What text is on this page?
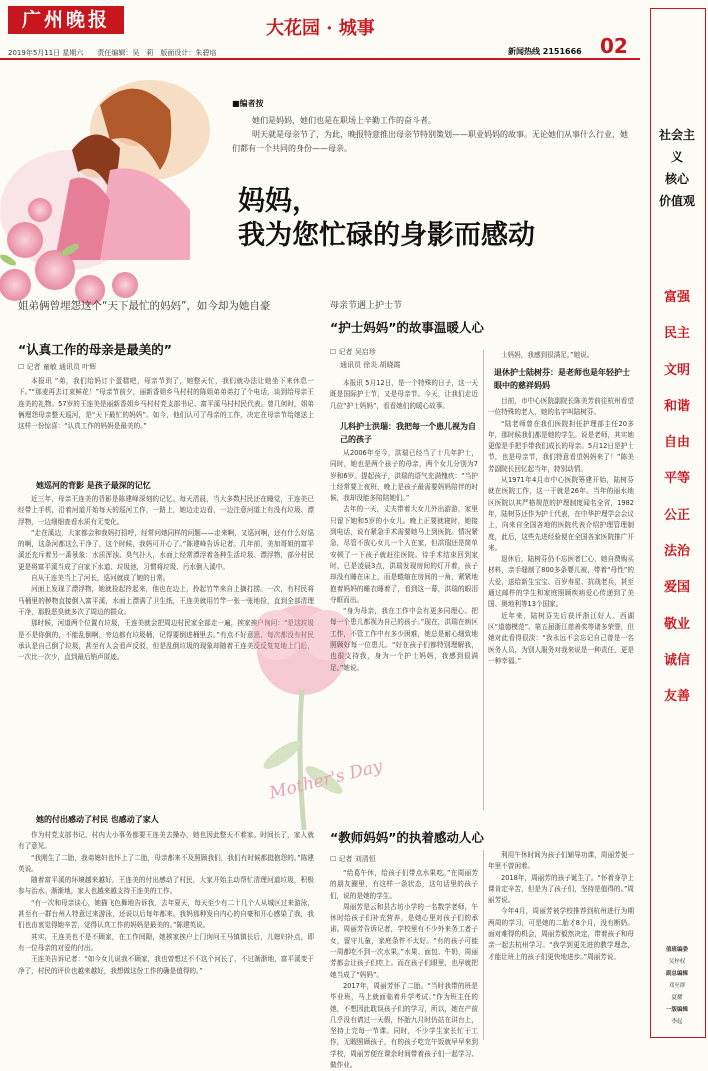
广州晚报
2019年5月11日 星期六　　 责任编辑：吴　莉　版面设计：朱碧培
大花园 · 城事
新闻热线 2151666 02
■编者按

她们是妈妈，她们也是在职场上辛勤工作的奋斗者。

明天就是母亲节了，为此，晚报特意推出母亲节特别策划——职业妈妈的故事。无论她们从事什么行业，她们都有一个共同的身份——母亲。

妈妈，
我为您忙碌的身影而感动
姐弟俩曾埋怨这个“天下最忙的妈妈”，如今却为她自豪
“认真工作的母亲是最美的”
☐ 记者 童敏 通讯员 叶辉

本报讯 “弟，我们给妈订个蛋糕吧，母亲节到了，她整天忙，我们就办法让她坐下来休息一下。”“那麦再去订束鲜花！”母亲节前夕，丽新香姐乡马村村的陈姐弟弟弟打了个电话，谈到给母亲王连美的礼物。57岁的王连美是丽新香姐乡马村村党支部书记、富平溪马村村民代表。曾几何时，姐弟俩埋怨母亲整天巡河，是“天下最忙的妈妈”。如今，他们认可了母亲的工作，决定在母亲节给她送上这样一份惊喜：“认真工作的妈妈是最美的。”

她巡河的背影 是孩子最深的记忆

近三年，母亲王连美的背影是陈建峰深刻的记忆。每天清晨，当大多数村民还在睡觉，王连美已经带上手机，沿着河道开始每天的巡河工作，一路上，她边走边看，一边注意河道上有没有垃圾、漂浮物，一边细细查看水质有无变化。

“走在溪边，大家都会和我妈打招呼，经常问她同样的问题——走来啊，又巡河啊，还有什么好巡的啊，这条河都这么干净了，这个时候，我妈可开心了。”陈建峰告诉记者。几年前，美加哥姐的富平溪还充斥着另一番景象：水质浑浊、臭气扑人，水面上经常漂浮着各种生活垃圾、漂浮物，部分村民更是将富平溪当成了自家下水道、垃圾池，习惯将垃圾、污水倒入溪中。

自从王连美当上了河长，巡河就成了她的日常。

河面上发现了漂浮物，她就捡起拎起来，他也在边上，拎起竹竿来自上摘打捞。一次，有村民将马桶里的秽物直接倒入富平溪，水面上漂满了卫生纸，王连美就用竹竿一张一张地捡，直到全部清理干净，那股恶臭就多次了周边的群众。

那时候，河道两个位置有垃圾，王连美就会把周边村民家全部走一遍，挨家挨户询问：“是这垃圾是不是你倒的，不能乱倒啊，旁边都有垃圾桶，记得要倒进桶里去。”有点不好意思，每次都没有村民承认是自己倒了垃圾，甚至有人会看声反驳，但是乱倒垃圾的现象却随着王连美反反复复地上门后，一次比一次少，直到最后销声匿迹。

她的付出感动了村民 也感动了家人

作为村党支部书记、村内大小事务都要王连美去操办，她也因此整天不着家。时间长了，家人就有了意见。

“我刚生了二胎，我弟媳妇也怀上了二胎，母亲都来不及照顾我们，我们有时候都挺抱怨的。”陈建英说。

随着富平溪的环境越来越好，王连美的付出感动了村民，大家开始主动帮忙清理河道垃圾，积极参与治水。渐渐地，家人也越来越支持王连美的工作。

“有一次和母亲谈心，她描飞色舞地告诉我，去年夏天，每天至少有二十几个人从城区过来游泳，甚至有一群台州人特意过来游泳，还说以后每年都来。我妈那种发自内心的自豪和开心感染了我，我们也由衷觉得她辛苦，觉得认真工作的妈妈是最美的。”陈建英说。

其实，王连美也不是不顾家，在工作间隙，她挨家挨户上门询问王马镇镇长后，儿媳妇补点，即有一位母亲的对爱的付出。

王连美告诉记者：“如今女儿说我不顾家，我也曾想过不不这个河长了，不过渐渐地，富平溪变干净了，村民的评价也越来越好，我想做这份工作的确是值得的。”

Mother's Day
母亲节遇上护士节
“护士妈妈”的故事温暖人心
☐ 记者 吴启珍
通讯员 徐炎 胡晓霞

本报讯 5月12日，是一个特殊的日子，这一天既是国际护士节，又是母亲节。今天，让我们走近几位“护士妈妈”，看看她们的暖心故事。

儿科护士洪瑞：我把每一个患儿视为自己的孩子

从2006年至今，洪瑞已经当了十几年护士，同时，她也是两个孩子的母亲，两个女儿分别为7岁和6岁。提起孩子，洪瑞的语气充满愧疚：“当护士经常要上夜班，晚上是孩子最需要妈妈陪伴的时候，我却没能多陪陪她们。”

去年的一天，丈夫带着大女儿外出游游，家里只留下她和5岁的小女儿。晚上正要就寝时，她接到电话，说有紧急手术需要她马上到医院。情况紧急，尽管不放心女儿一个人在家，但洪瑞还是简单安顿了一下孩子就赶往医院。待手术结束回到家时，已是凌晨3点，洪瑞发现房间的灯开着，孩子却没有睡在床上，而是蜷缩在房间的一角，紧紧地抱着妈妈的睡衣睡着了，看到这一幕，洪瑞的眼泪夺眶而出。

“身为母亲，我在工作中会有更多同理心。把每一个患儿都视为自己的孩子。”现在，洪瑞在病区工作，不管工作中有多少困难，她总是耐心细致地照顾好每一位患儿。“好在孩子们都特别理解我，也很支持我，身为一个护士妈妈，我感到很满足。”她说。

士妈妈，我感到很满足。”她说。

退休护士陆树芬：是老师也是年轻护士眼中的慈祥妈妈

目前，市中心医院副院长陈美芳前往杭州看望一位特殊的老人，她的名字叫陆树芬。

“陆老师曾在我们医院担任护理部主任20多年，那时候我们都是她的学生。说是老师，其实她更像是手把手带我们成长的母亲。5月12日是护士节，也是母亲节，我们特意看望妈妈来了！”陈美芳副院长回忆起当年，特别动情。

从1971年4月市中心医院筹建开始，陆树芬就在医院工作，这一干就是26年。当年的丽水地区医院以其严格规范的护理制度闻名全省，1982年，陆树芬还作为护士代表，在中华护理学会会议上，向来自全国各地的医院代表介绍护理管理制度，此后，这些先进经验便在全国各家医院推广开来。

退休后，陆树芬仍不忘医者仁心，她自费购买材料，亲手缝制了800多条婴儿被，带着“母性”的大爱，送给新生宝宝、百岁寿星、抗战老兵，甚至通过邮件的学生和家庭照顾疾病爱心传递到了美国、奥地利等13个国家。

近年来，陆树芬先后获评浙江好人、西湖区“道德模范”、第五届浙江慈善奖等诸多荣誉，但她对此看得很淡：“我永远不会忘记自己曾是一名医务人员，为别人服务对我来说是一种责任，更是一种幸福。”

“教师妈妈”的执着感动人心
☐ 记者 刘清恒

“给葛午休，给孩子们带点水果吃。”在周丽芳的朋友圈里，有这样一条状态，这句话里的孩子们，说的是她的学生。

周丽芳是云和县古坊小学的一名数学老师，午休时给孩子们补充营养，是她心里对孩子们的承诺。周丽芳告诉记者，学校里有不少外来务工者子女，留守儿童，家庭条件不太好。“有的孩子可能一周都吃不到一次水果。”水果、面包、牛奶，周丽芳都会让孩子们吃上。而在孩子们眼里，也早就把她当成了“妈妈”。

2017年，周丽芳怀了二胎。“当时我带的班是毕业班，马上就面临着升学考试。”作为班主任的她，不想因此耽误孩子们的学习，所以，她在产前几乎没有请过一天假，怀胎九月时仍站在讲台上，坚持上完每一节课。同时，不少学生家长忙于工作，无暇照顾孩子，有的孩子吃完午饭就早早来到学校，周丽芳便在课余时间带着孩子们一起学习、做作业。

利用午休时间为孩子们辅导功课，周丽芳便一年里不曾闲着。

2018年，周丽芳的孩子诞生了。“怀着身孕上课肯定辛苦，但是为了孩子们，坚持是值得的。”周丽芳说。

今年4月，周丽芳被学校推荐到杭州进行为期两周的学习，可是她的二胎才8个月，没有断奶。面对难得的机会，周丽芳毅然决定，带着孩子和母亲一起去杭州学习。“我学到更先进的教学理念，才能让班上的孩子们更快地进步。”周丽芳说。

社会主义
核心
价值观
富强
民主
文明
和谐
自由
平等
公正
法治
爱国
敬业
诚信
友善
值班编委
吴梓权
副总编辑
邓至群
夏耀
一版编辑
李起
